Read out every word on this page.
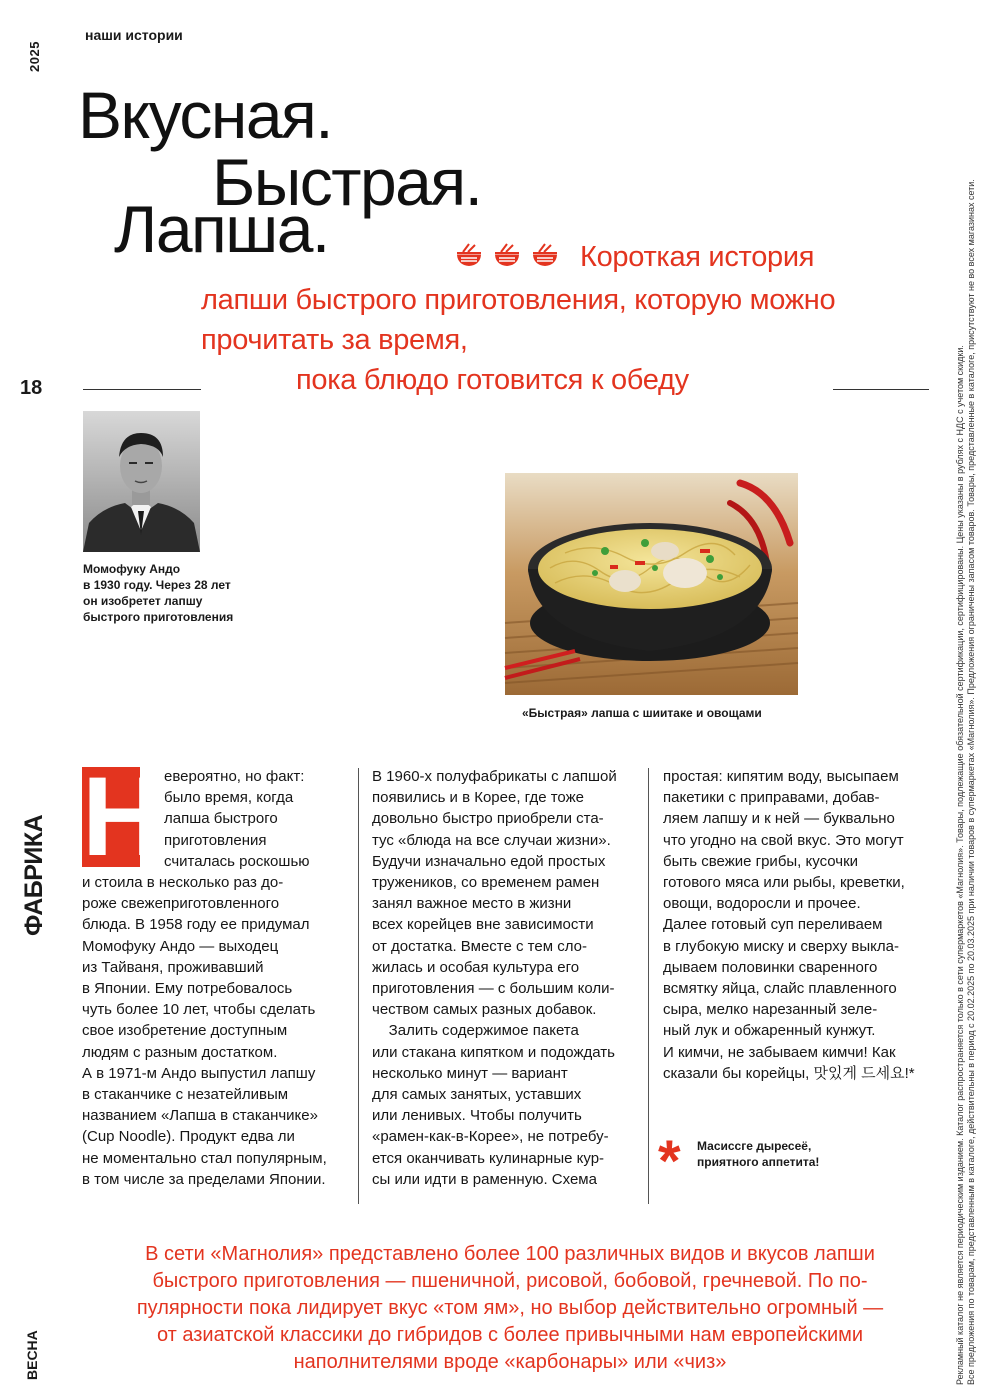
2025
18
ФАБРИКА
ВЕСНА
наши истории
Вкусная.
Быстрая.
Лапша.	Короткая история
лапши быстрого приготовления, которую можно
прочитать за время,
пока блюдо готовится к обеду
Момофуку Андо
в 1930 году. Через 28 лет
он изобретет лапшу
быстрого приготовления
«Быстрая» лапша с шиитаке и овощами
Н евероятно, но факт:
было время, когда
лапша быстрого
приготовления
считалась роскошью
и стоила в несколько раз до-
роже свежеприготовленного
блюда. В 1958 году ее придумал
Момофуку Андо — выходец
из Тайваня, проживавший
в Японии. Ему потребовалось
чуть более 10 лет, чтобы сделать
свое изобретение доступным
людям с разным достатком.
А в 1971-м Андо выпустил лапшу
в стаканчике с незатейливым
названием «Лапша в стаканчике»
(Cup Noodle). Продукт едва ли
не моментально стал популярным,
в том числе за пределами Японии.
В 1960-х полуфабрикаты с лапшой
появились и в Корее, где тоже
довольно быстро приобрели ста-
тус «блюда на все случаи жизни».
Будучи изначально едой простых
тружеников, со временем рамен
занял важное место в жизни
всех корейцев вне зависимости
от достатка. Вместе с тем сло-
жилась и особая культура его
приготовления — с большим коли-
чеством самых разных добавок.
Залить содержимое пакета
или стакана кипятком и подождать
несколько минут — вариант
для самых занятых, уставших
или ленивых. Чтобы получить
«рамен-как-в-Корее», не потребу-
ется оканчивать кулинарные кур-
сы или идти в раменную. Схема
простая: кипятим воду, высыпаем
пакетики с приправами, добав-
ляем лапшу и к ней — буквально
что угодно на свой вкус. Это могут
быть свежие грибы, кусочки
готового мяса или рыбы, креветки,
овощи, водоросли и прочее.
Далее готовый суп переливаем
в глубокую миску и сверху выкла-
дываем половинки сваренного
всмятку яйца, слайс плавленного
сыра, мелко нарезанный зеле-
ный лук и обжаренный кунжут.
И кимчи, не забываем кимчи! Как
сказали бы корейцы, 맛있게 드세요!*
* Масиссге дыресеё,
приятного аппетита!
В сети «Магнолия» представлено более 100 различных видов и вкусов лапши
быстрого приготовления — пшеничной, рисовой, бобовой, гречневой. По по-
пулярности пока лидирует вкус «том ям», но выбор действительно огромный —
от азиатской классики до гибридов с более привычными нам европейскими
наполнителями вроде «карбонары» или «чиз»	Рекламный каталог не является периодическим изданием. Каталог распространяется только в сети супермаркетов «Магнолия». Товары, подлежащие обязательной сертификации, сертифицированы. Цены указаны в рублях с НДС с учетом скидки. Все предложения по товарам, представленным в каталоге, действительны в период с 20.02.2025 по 20.03.2025 при наличии товаров в супермаркетах «Магнолия». Предложения ограничены запасом товаров. Товары, представленные в каталоге, присутствуют не во всех магазинах сети.
